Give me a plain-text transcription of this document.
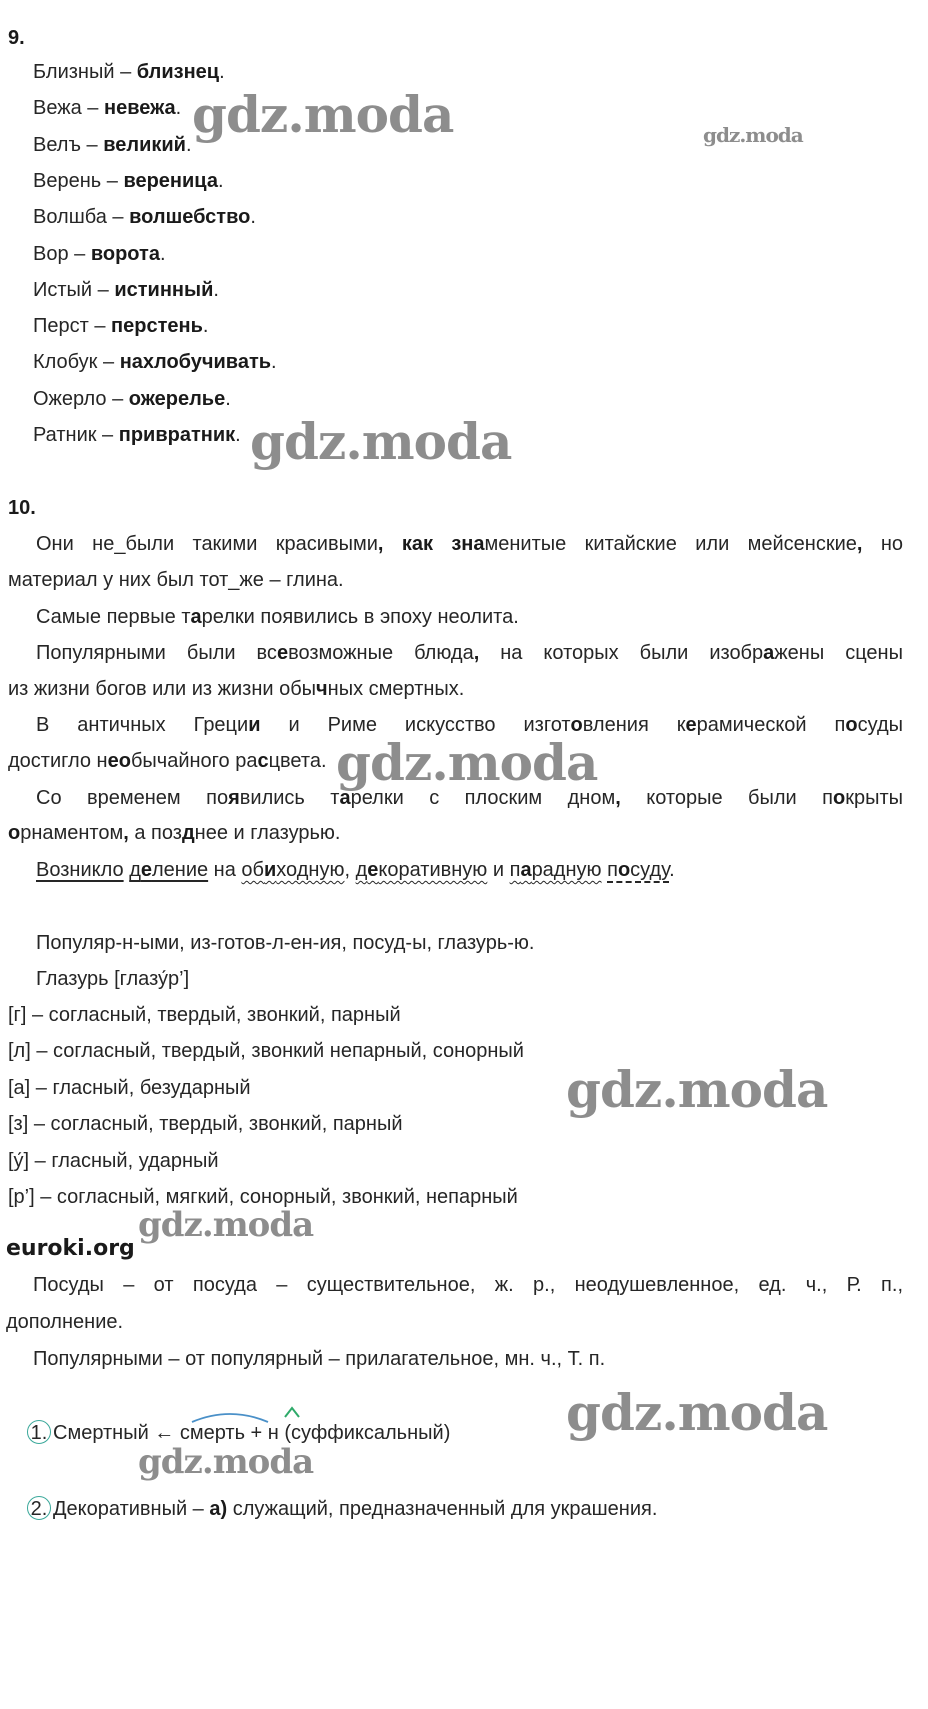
9.
Близный – близнец.
Вежа – невежа.
Велъ – великий.
Верень – вереница.
Волшба – волшебство.
Вор – ворота.
Истый – истинный.
Перст – перстень.
Клобук – нахлобучивать.
Ожерло – ожерелье.
Ратник – привратник.
10.
Они не_были такими красивыми, как знаменитые китайские или мейсенские, но
материал у них был тот_же – глина.
Самые первые тарелки появились в эпоху неолита.
Популярными были всевозможные блюда, на которых были изображены сцены
из жизни богов или из жизни обычных смертных.
В античных Греции и Риме искусство изготовления керамической посуды
достигло необычайного расцвета.
Со временем появились тарелки с плоским дном, которые были покрыты
орнаментом, а позднее и глазурью.
Возникло деление на обиходную, декоративную и парадную посуду.
Популяр-н-ыми, из-готов-л-ен-ия, посуд-ы, глазурь-ю.
Глазурь [глазу́р’]
[г] – согласный, твердый, звонкий, парный
[л] – согласный, твердый, звонкий непарный, сонорный
[а] – гласный, безударный
[з] – согласный, твердый, звонкий, парный
[у́] – гласный, ударный
[р’] – согласный, мягкий, сонорный, звонкий, непарный
euroki.org
Посуды – от посуда – существительное, ж. р., неодушевленное, ед. ч., Р. п.,
дополнение.
Популярными – от популярный – прилагательное, мн. ч., Т. п.
1. Смертный ← смерть + н (суффиксальный)
2. Декоративный – а) служащий, предназначенный для украшения.
gdz.moda	gdz.moda
gdz.moda
gdz.moda
gdz.moda
gdz.moda
gdz.moda
gdz.moda
